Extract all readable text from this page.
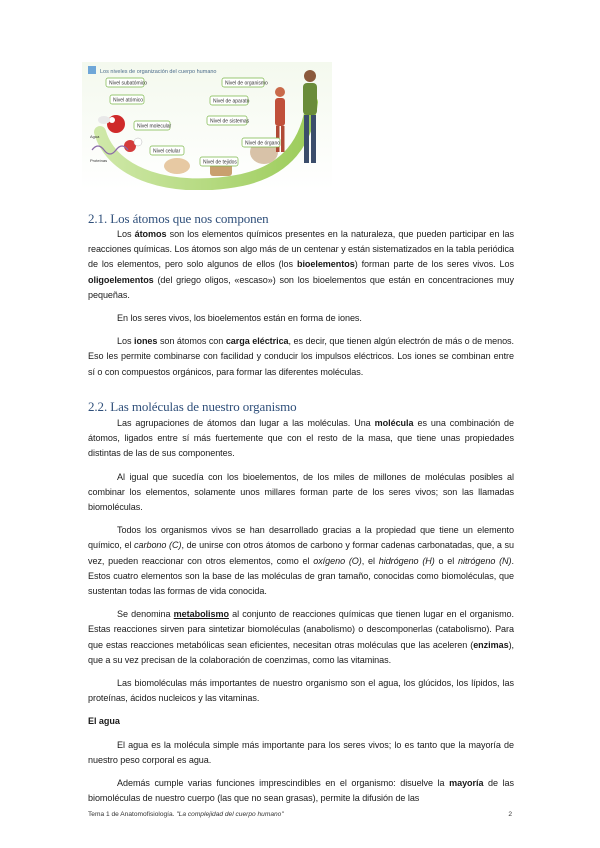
Los niveles de organización del cuerpo humano
Nivel subatómico
Nivel atómico
Nivel molecular
Nivel celular
Nivel de tejidos
Nivel de órgano
Nivel de sistemas
Nivel de aparato
Nivel de organismo
Agua
Proteínas
2.1. Los átomos que nos componen

Los átomos son los elementos químicos presentes en la naturaleza, que pueden participar en las reacciones químicas. Los átomos son algo más de un centenar y están sistematizados en la tabla periódica de los elementos, pero solo algunos de ellos (los bioelementos) forman parte de los seres vivos. Los oligoelementos (del griego oligos, «escaso») son los bioelementos que están en concentraciones muy pequeñas.

En los seres vivos, los bioelementos están en forma de iones.

Los iones son átomos con carga eléctrica, es decir, que tienen algún electrón de más o de menos. Eso les permite combinarse con facilidad y conducir los impulsos eléctricos. Los iones se combinan entre sí o con compuestos orgánicos, para formar las diferentes moléculas.

2.2. Las moléculas de nuestro organismo

Las agrupaciones de átomos dan lugar a las moléculas. Una molécula es una combinación de átomos, ligados entre sí más fuertemente que con el resto de la masa, que tiene unas propiedades distintas de las de sus componentes.

Al igual que sucedía con los bioelementos, de los miles de millones de moléculas posibles al combinar los elementos, solamente unos millares forman parte de los seres vivos; son las llamadas biomoléculas.

Todos los organismos vivos se han desarrollado gracias a la propiedad que tiene un elemento químico, el carbono (C), de unirse con otros átomos de carbono y formar cadenas carbonatadas, que, a su vez, pueden reaccionar con otros elementos, como el oxígeno (O), el hidrógeno (H) o el nitrógeno (N). Estos cuatro elementos son la base de las moléculas de gran tamaño, conocidas como biomoléculas, que sustentan todas las formas de vida conocida.

Se denomina metabolismo al conjunto de reacciones químicas que tienen lugar en el organismo. Estas reacciones sirven para sintetizar biomoléculas (anabolismo) o descomponerlas (catabolismo). Para que estas reacciones metabólicas sean eficientes, necesitan otras moléculas que las aceleren (enzimas), que a su vez precisan de la colaboración de coenzimas, como las vitaminas.

Las biomoléculas más importantes de nuestro organismo son el agua, los glúcidos, los lípidos, las proteínas, ácidos nucleicos y las vitaminas.

El agua

El agua es la molécula simple más importante para los seres vivos; lo es tanto que la mayoría de nuestro peso corporal es agua.

Además cumple varias funciones imprescindibles en el organismo: disuelve la mayoría de las biomoléculas de nuestro cuerpo (las que no sean grasas), permite la difusión de las

Tema 1 de Anatomofisiología. "La complejidad del cuerpo humano"	2
